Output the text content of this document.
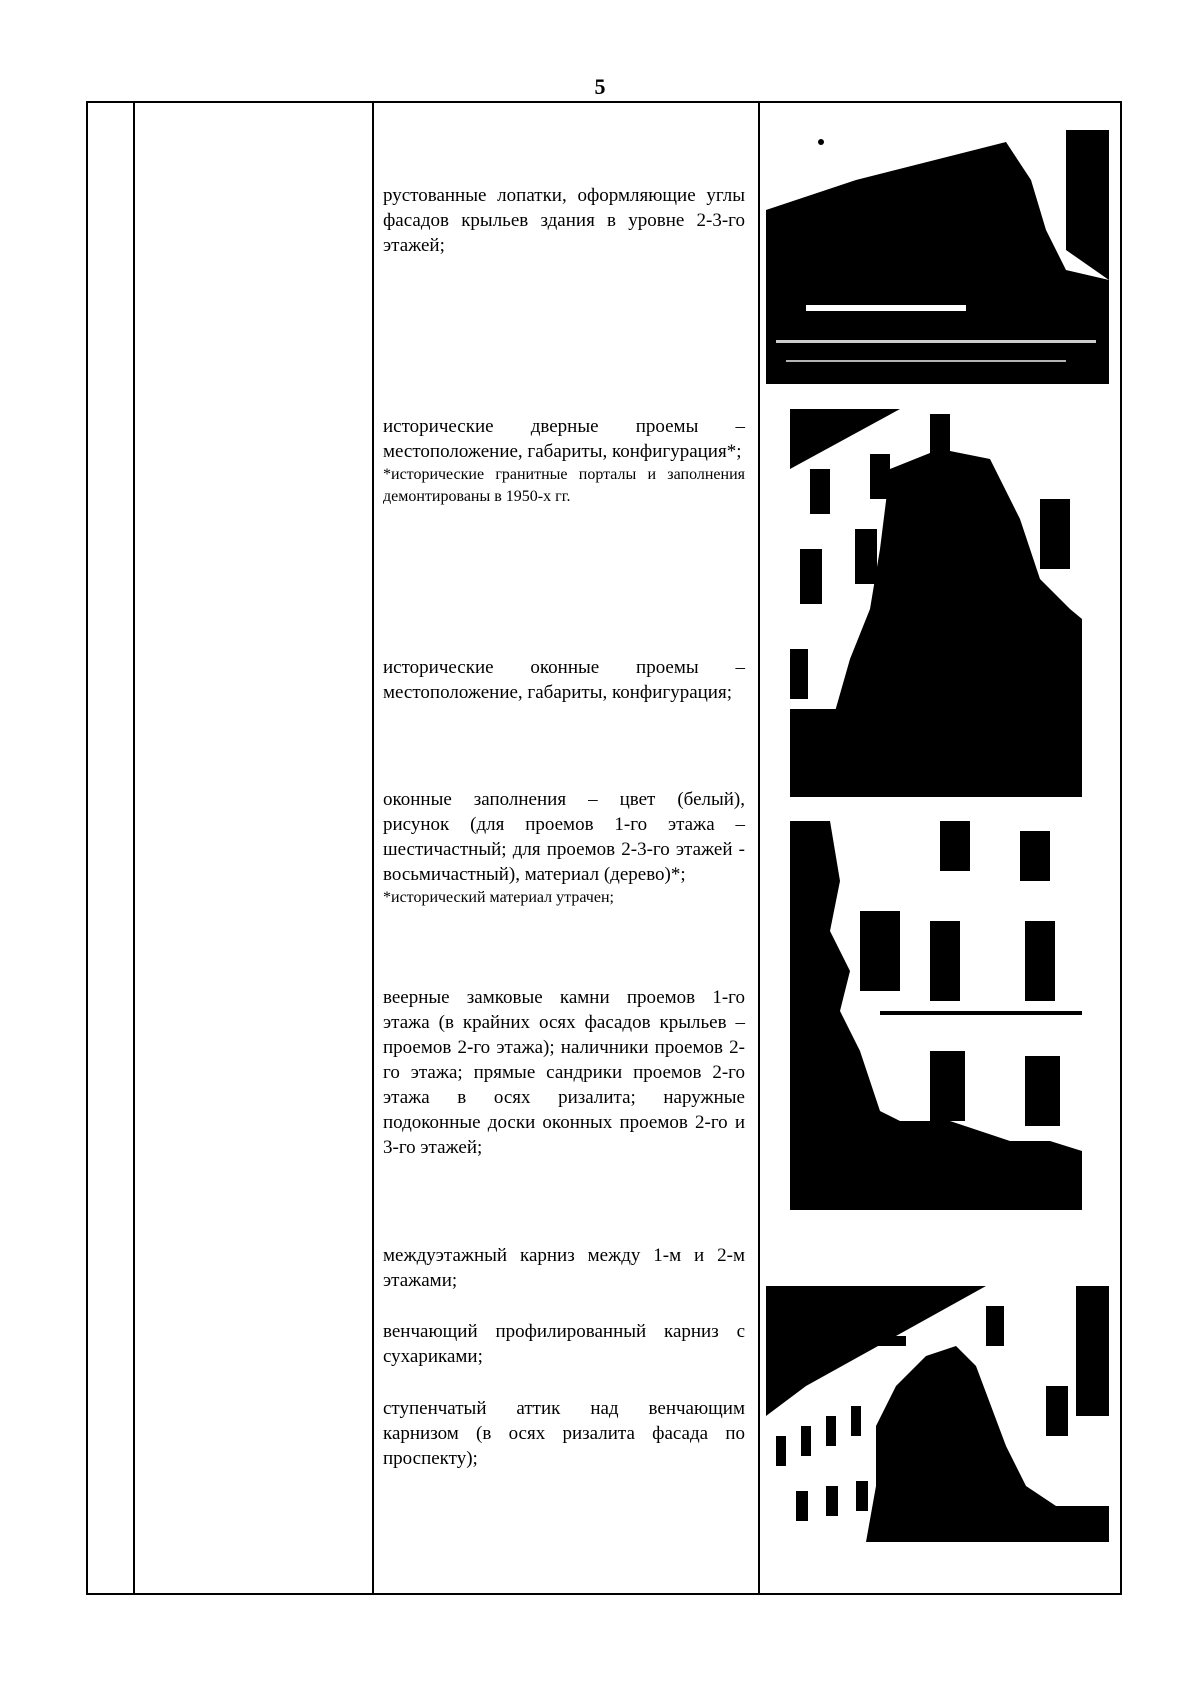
5
рустованные лопатки, оформляющие углы фасадов крыльев здания в уровне 2-3-го этажей;
исторические дверные проемы – местоположение, габариты, конфигурация*;
*исторические гранитные порталы и заполнения демонтированы в 1950-х гг.
исторические оконные проемы – местоположение, габариты, конфигурация;
оконные заполнения – цвет (белый), рисунок (для проемов 1-го этажа – шестичастный; для проемов 2-3-го этажей - восьмичастный), материал (дерево)*;
*исторический материал утрачен;
веерные замковые камни проемов 1-го этажа (в крайних осях фасадов крыльев – проемов 2-го этажа); наличники проемов 2-го этажа; прямые сандрики проемов 2-го этажа в осях ризалита; наружные подоконные доски оконных проемов 2-го и 3-го этажей;
междуэтажный карниз между 1-м и 2-м этажами;
венчающий профилированный карниз с сухариками;
ступенчатый аттик над венчающим карнизом (в осях ризалита фасада по проспекту);
